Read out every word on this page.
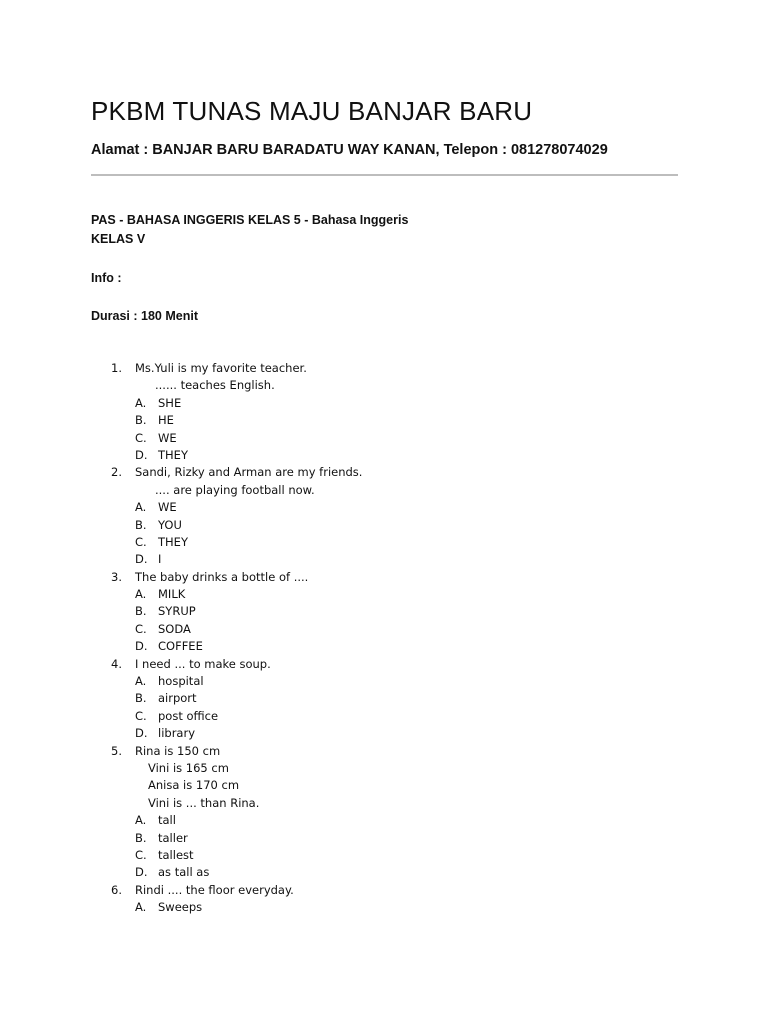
PKBM TUNAS MAJU BANJAR BARU
Alamat : BANJAR BARU BARADATU WAY KANAN, Telepon : 081278074029
PAS - BAHASA INGGERIS KELAS 5 - Bahasa Inggeris
KELAS V
Info :
Durasi : 180 Menit
1.	Ms.Yuli is my favorite teacher.
...... teaches English.
A. SHE
B. HE
C. WE
D. THEY
2.	Sandi, Rizky and Arman are my friends.
.... are playing football now.
A. WE
B. YOU
C. THEY
D. I
3.	The baby drinks a bottle of ....
A. MILK
B. SYRUP
C. SODA
D. COFFEE
4.	I need ... to make soup.
A. hospital
B. airport
C. post office
D. library
5.	Rina is 150 cm
Vini is 165 cm
Anisa is 170 cm
Vini is ... than Rina.
A. tall
B. taller
C. tallest
D. as tall as
6.	Rindi .... the floor everyday.
A. Sweeps
